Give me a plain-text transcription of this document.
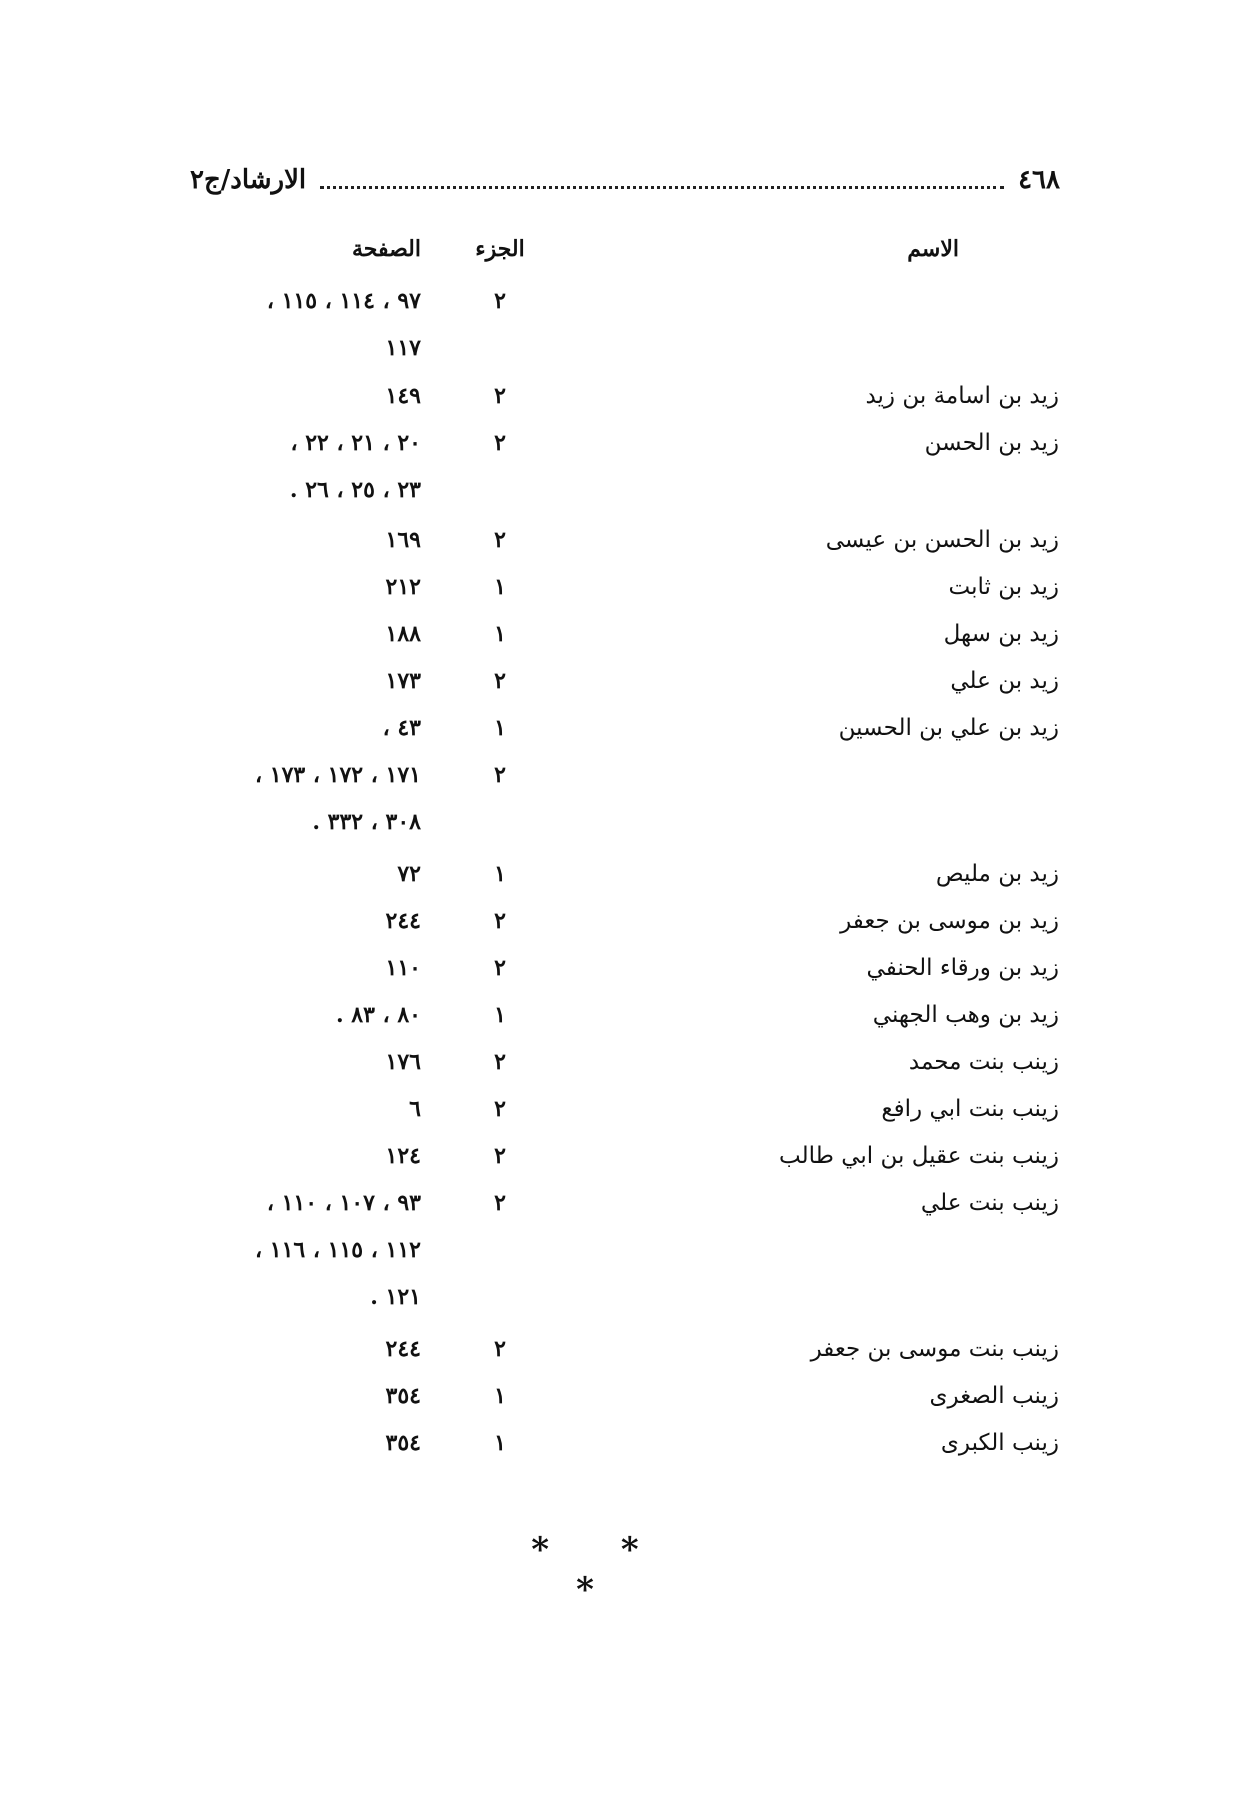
٤٦٨
الارشاد/ج٢
الاسم
الجزء
الصفحة
٢
٩٧ ، ١١٤ ، ١١٥ ،
١١٧
زيد بن اسامة بن زيد
٢
١٤٩
زيد بن الحسن
٢
٢٠ ، ٢١ ، ٢٢ ،
٢٣ ، ٢٥ ، ٢٦ .
زيد بن الحسن بن عيسى
٢
١٦٩
زيد بن ثابت
١
٢١٢
زيد بن سهل
١
١٨٨
زيد بن علي
٢
١٧٣
زيد بن علي بن الحسين
١
٤٣ ،
٢
١٧١ ، ١٧٢ ، ١٧٣ ،
٣٠٨ ، ٣٣٢ .
زيد بن مليص
١
٧٢
زيد بن موسى بن جعفر
٢
٢٤٤
زيد بن ورقاء الحنفي
٢
١١٠
زيد بن وهب الجهني
١
٨٠ ، ٨٣ .
زينب بنت محمد
٢
١٧٦
زينب بنت ابي رافع
٢
٦
زينب بنت عقيل بن ابي طالب
٢
١٢٤
زينب بنت علي
٢
٩٣ ، ١٠٧ ، ١١٠ ،
١١٢ ، ١١٥ ، ١١٦ ،
١٢١ .
زينب بنت موسى بن جعفر
٢
٢٤٤
زينب الصغرى
١
٣٥٤
زينب الكبرى
١
٣٥٤
* * *
